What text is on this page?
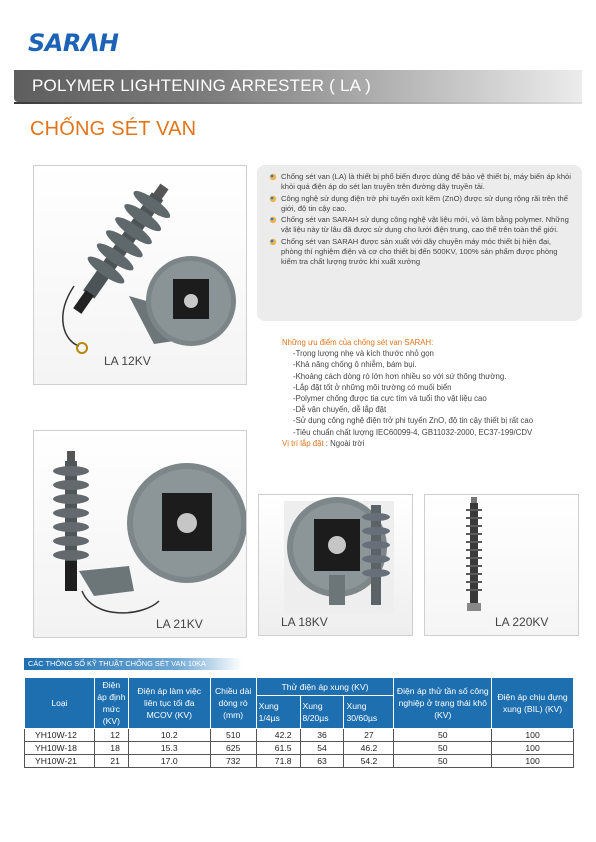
SARΛH
POLYMER LIGHTENING ARRESTER ( LA )
CHỐNG SÉT VAN
LA 12KV
Chống sét van (LA) là thiết bị phổ biến được dùng để bảo vệ thiết bị, máy biến áp khỏi khỏi quá điện áp do sét lan truyền trên đường dây truyền tải.
Công nghệ sử dụng điện trở phi tuyến oxít kẽm (ZnO) được sử dụng rộng rãi trên thế giới, độ tin cậy cao.
Chống sét van SARAH sử dụng công nghệ vật liệu mới, vỏ làm bằng polymer. Những vật liệu này từ lâu đã được sử dụng cho lưới điện trung, cao thế trên toàn thế giới.
Chống sét van SARAH được sản xuất với dây chuyền máy móc thiết bị hiện đại, phòng thí nghiệm điện và cơ cho thiết bị đến 500KV, 100% sản phẩm được phòng kiểm tra chất lượng trước khi xuất xưởng
Những ưu điểm của chống sét van SARAH:
-Trọng lượng nhẹ và kích thước nhỏ gọn
-Khả năng chống ô nhiễm, bám bụi.
-Khoảng cách dòng rò lớn hơn nhiều so với sứ thông thường.
-Lắp đặt tốt ở những môi trường có muối biển
-Polymer chống được tia cực tím và tuổi thọ vật liệu cao
-Dễ vận chuyển, dễ lắp đặt
-Sử dụng công nghệ điện trở phi tuyến ZnO, độ tin cậy thiết bị rất cao
-Tiêu chuẩn chất lượng IEC60099-4, GB11032-2000, EC37-199/CDV
Vị trí lắp đặt : Ngoài trời
LA 21KV	LA 18KV	LA 220KV
CÁC THÔNG SỐ KỸ THUẬT CHỐNG SÉT VAN 10KA
Loại	Điện áp định mức (KV)	Điện áp làm việc liên tục tối đa MCOV (KV)	Chiều dài dòng rò (mm)	Thử điện áp xung (KV)			Điện áp thử tần số công nghiệp ở trạng thái khô (KV)	Điện áp chịu đựng xung (BIL) (KV)
				Xung 1/4µs	Xung 8/20µs	Xung 30/60µs		
YH10W-12	12	10.2	510	42.2	36	27	50	100
YH10W-18	18	15.3	625	61.5	54	46.2	50	100
YH10W-21	21	17.0	732	71.8	63	54.2	50	100
